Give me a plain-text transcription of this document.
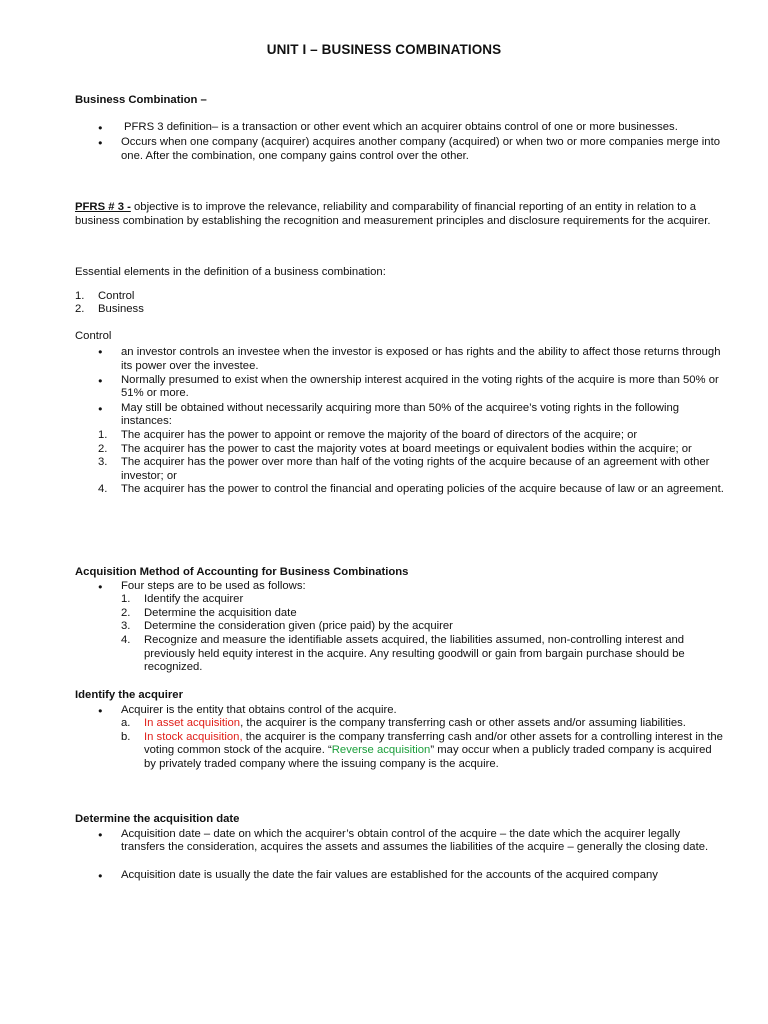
UNIT I – BUSINESS COMBINATIONS
Business Combination –
● PFRS 3 definition– is a transaction or other event which an acquirer obtains control of one or more businesses.
● Occurs when one company (acquirer) acquires another company (acquired) or when two or more companies merge into one. After the combination, one company gains control over the other.
PFRS # 3 - objective is to improve the relevance, reliability and comparability of financial reporting of an entity in relation to a business combination by establishing the recognition and measurement principles and disclosure requirements for the acquirer.
Essential elements in the definition of a business combination:
1. Control
2. Business
Control
● an investor controls an investee when the investor is exposed or has rights and the ability to affect those returns through its power over the investee.
● Normally presumed to exist when the ownership interest acquired in the voting rights of the acquire is more than 50% or 51% or more.
● May still be obtained without necessarily acquiring more than 50% of the acquiree’s voting rights in the following instances:
1. The acquirer has the power to appoint or remove the majority of the board of directors of the acquire; or
2. The acquirer has the power to cast the majority votes at board meetings or equivalent bodies within the acquire; or
3. The acquirer has the power over more than half of the voting rights of the acquire because of an agreement with other investor; or
4. The acquirer has the power to control the financial and operating policies of the acquire because of law or an agreement.
Acquisition Method of Accounting for Business Combinations
● Four steps are to be used as follows:
1. Identify the acquirer
2. Determine the acquisition date
3. Determine the consideration given (price paid) by the acquirer
4. Recognize and measure the identifiable assets acquired, the liabilities assumed, non-controlling interest and previously held equity interest in the acquire. Any resulting goodwill or gain from bargain purchase should be recognized.
Identify the acquirer
● Acquirer is the entity that obtains control of the acquire.
a. In asset acquisition, the acquirer is the company transferring cash or other assets and/or assuming liabilities.
b. In stock acquisition, the acquirer is the company transferring cash and/or other assets for a controlling interest in the voting common stock of the acquire. “Reverse acquisition” may occur when a publicly traded company is acquired by privately traded company where the issuing company is the acquire.
Determine the acquisition date
● Acquisition date – date on which the acquirer’s obtain control of the acquire – the date which the acquirer legally transfers the consideration, acquires the assets and assumes the liabilities of the acquire – generally the closing date.
● Acquisition date is usually the date the fair values are established for the accounts of the acquired company
